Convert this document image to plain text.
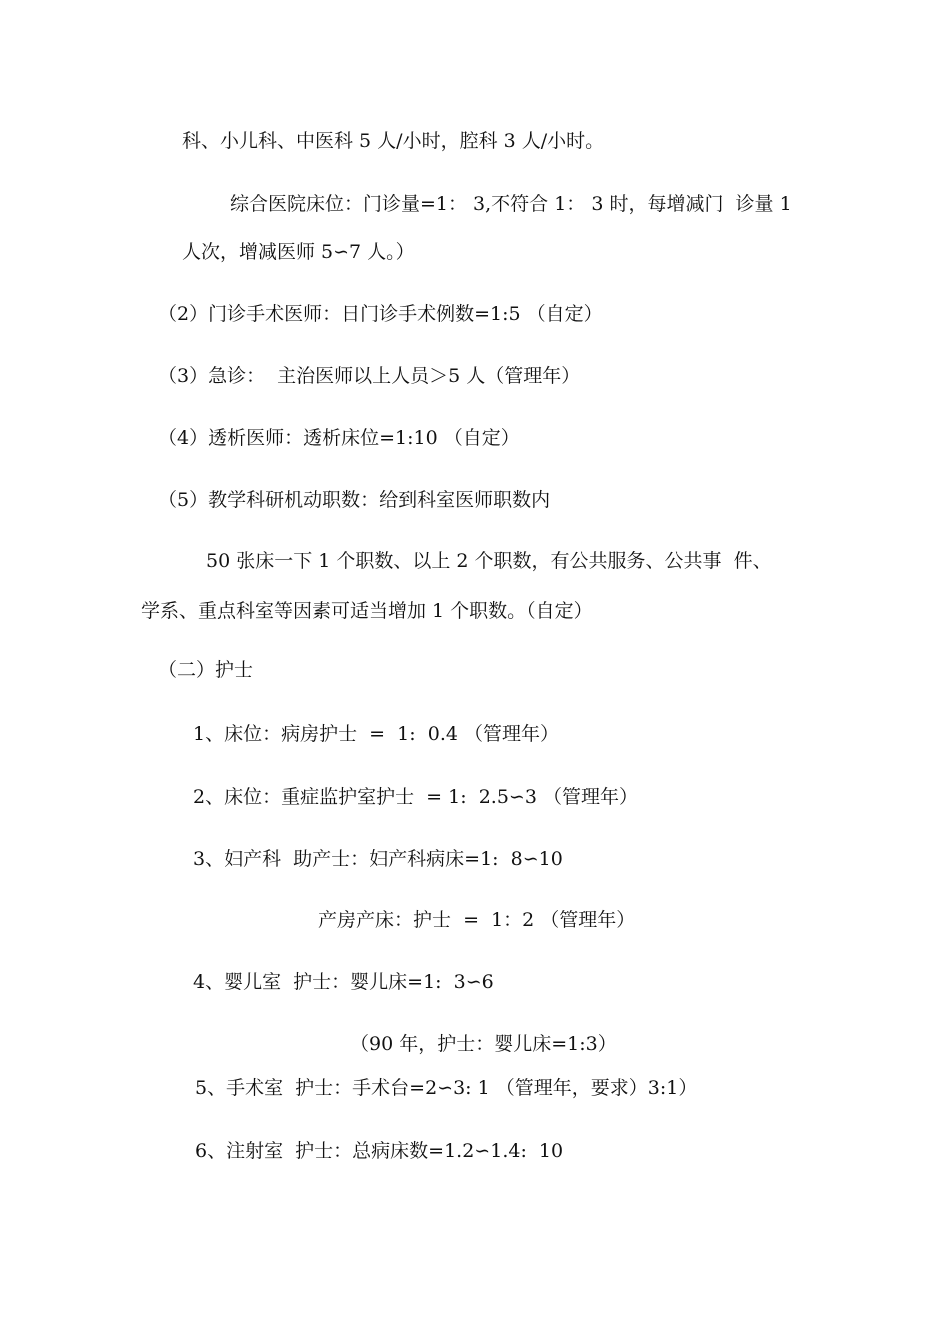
科、小儿科、中医科 5 人/小时，腔科 3 人/小时。

综合医院床位：门诊量=1： 3,不符合 1： 3 时，每增减门  诊量 1

人次，增减医师 5∽7 人。）

（2）门诊手术医师：日门诊手术例数=1:5 （自定）

（3）急诊：  主治医师以上人员＞5 人（管理年）

（4）透析医师：透析床位=1:10 （自定）

（5）教学科研机动职数：给到科室医师职数内

50 张床一下 1 个职数、以上 2 个职数，有公共服务、公共事  件、

学系、重点科室等因素可适当增加 1 个职数。（自定）

（二）护士

1、床位：病房护士  =  1:  0.4 （管理年）

2、床位：重症监护室护士  = 1:  2.5∽3 （管理年）

3、妇产科  助产士：妇产科病床=1:  8∽10

产房产床：护士  =  1：2 （管理年）

4、婴儿室  护士：婴儿床=1:  3∽6

（90 年，护士：婴儿床=1:3）

5、手术室  护士：手术台=2∽3: 1 （管理年，要求）3:1）

6、注射室  护士：总病床数=1.2∽1.4:  10
